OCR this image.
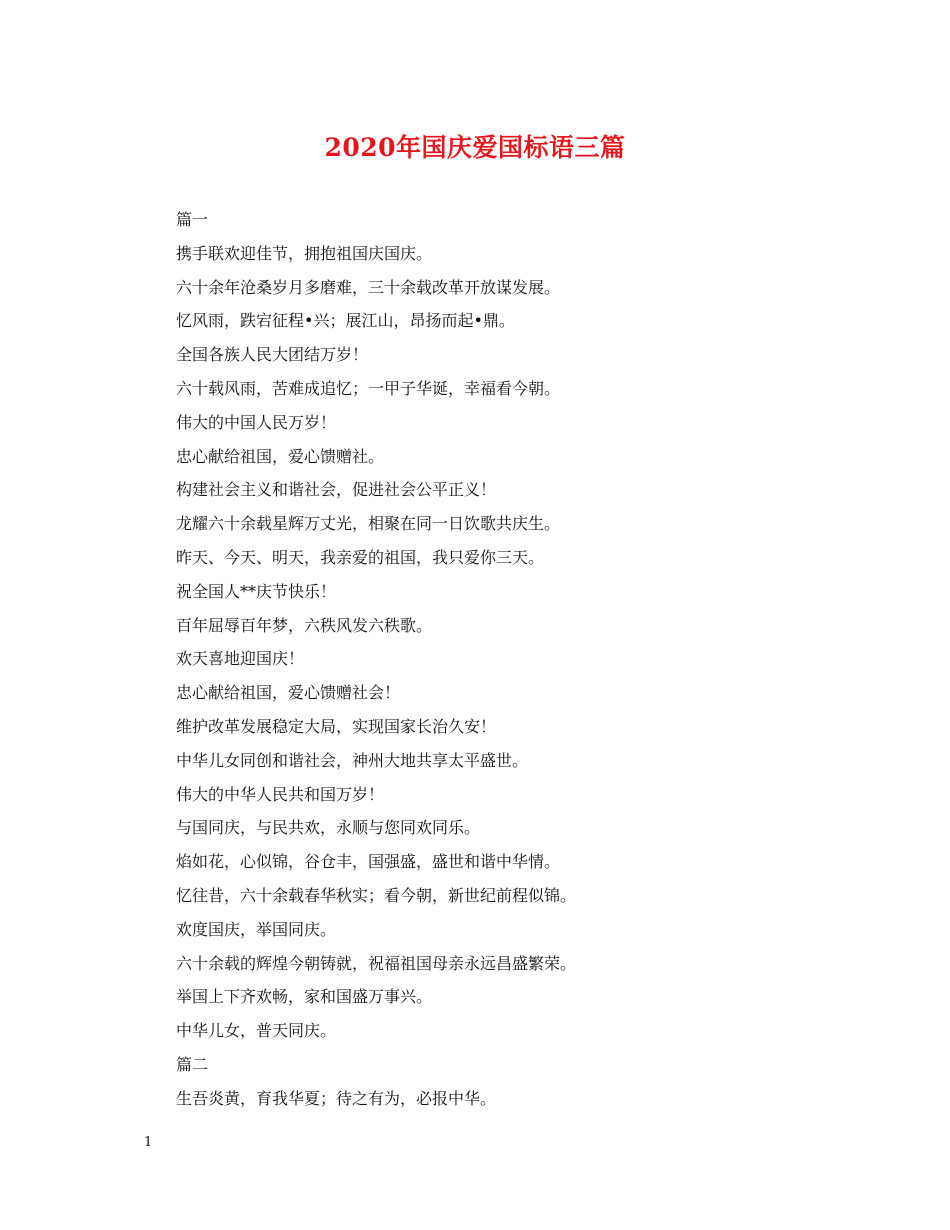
2020年国庆爱国标语三篇
篇一
携手联欢迎佳节，拥抱祖国庆国庆。
六十余年沧桑岁月多磨难，三十余载改革开放谋发展。
忆风雨，跌宕征程•兴；展江山，昂扬而起•鼎。
全国各族人民大团结万岁！
六十载风雨，苦难成追忆；一甲子华诞，幸福看今朝。
伟大的中国人民万岁！
忠心献给祖国，爱心馈赠社。
构建社会主义和谐社会，促进社会公平正义！
龙耀六十余载星辉万丈光，相聚在同一日饮歌共庆生。
昨天、今天、明天，我亲爱的祖国，我只爱你三天。
祝全国人**庆节快乐！
百年屈辱百年梦，六秩风发六秩歌。
欢天喜地迎国庆！
忠心献给祖国，爱心馈赠社会！
维护改革发展稳定大局，实现国家长治久安！
中华儿女同创和谐社会，神州大地共享太平盛世。
伟大的中华人民共和国万岁！
与国同庆，与民共欢，永顺与您同欢同乐。
焰如花，心似锦，谷仓丰，国强盛，盛世和谐中华情。
忆往昔，六十余载春华秋实；看今朝，新世纪前程似锦。
欢度国庆，举国同庆。
六十余载的辉煌今朝铸就，祝福祖国母亲永远昌盛繁荣。
举国上下齐欢畅，家和国盛万事兴。
中华儿女，普天同庆。
篇二
生吾炎黄，育我华夏；待之有为，必报中华。
1
